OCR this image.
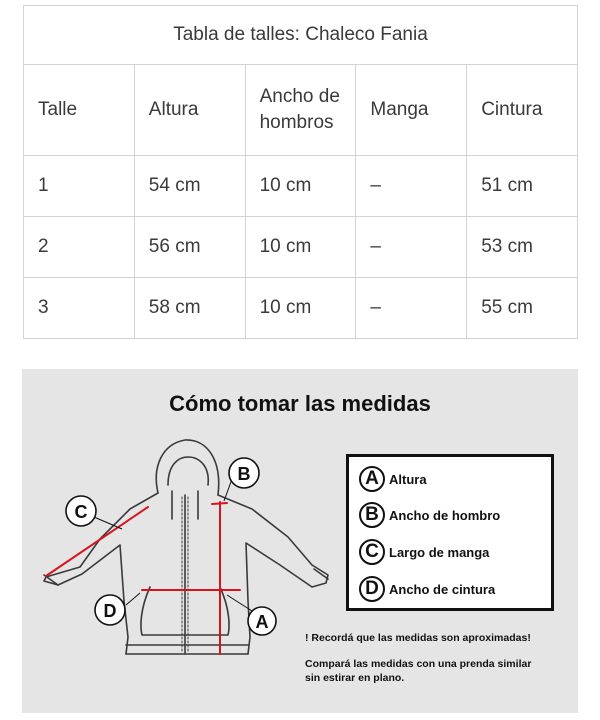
Tabla de talles: Chaleco Fania				
Talle	Altura	Ancho de hombros	Manga	Cintura
1	54 cm	10 cm	–	51 cm
2	56 cm	10 cm	–	53 cm
3	58 cm	10 cm	–	55 cm
Cómo tomar las medidas
B
C
D
A
A Altura
B Ancho de hombro
C Largo de manga
D Ancho de cintura
! Recordá que las medidas son aproximadas!
Compará las medidas con una prenda similar
sin estirar en plano.
